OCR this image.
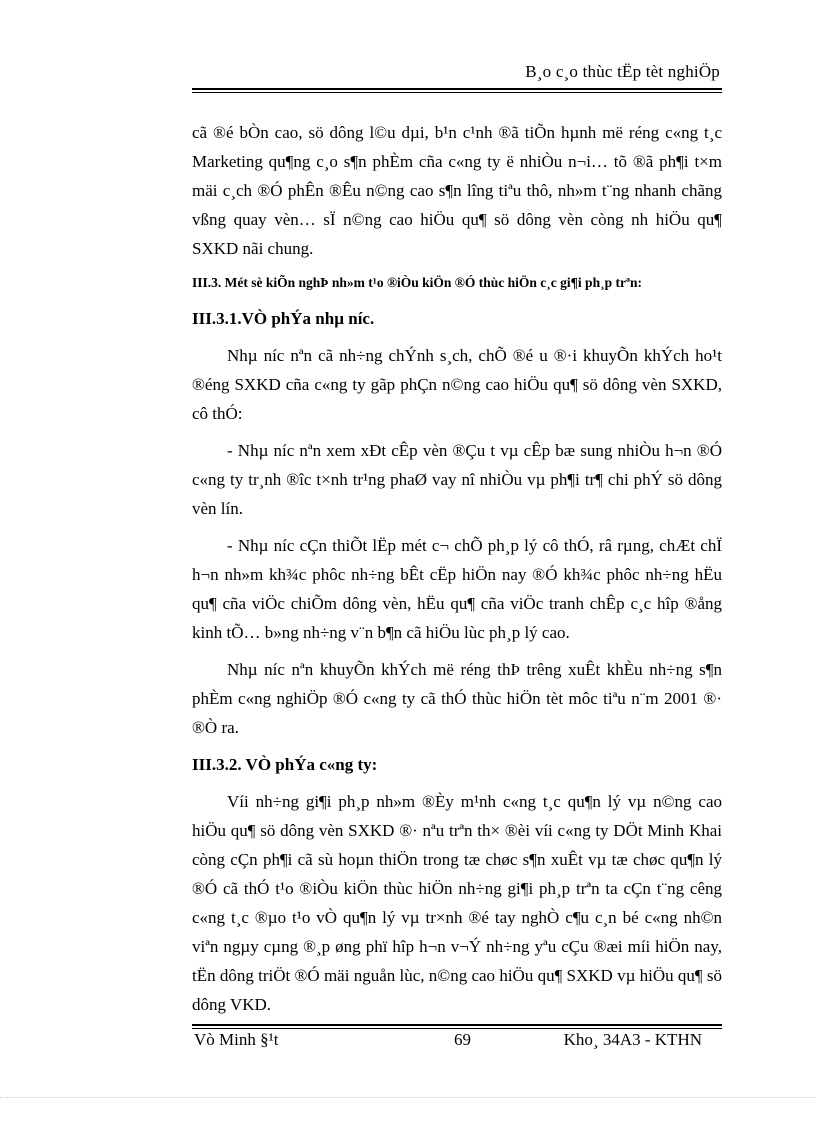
B¸o c¸o thùc tËp tèt nghiÖp

cã ®é bÒn cao, sö dông l©u dµi, b¹n c¹nh ®ã tiÕn hµnh më réng c«ng t¸c Marketing qu¶ng c¸o s¶n phÈm cña c«ng ty ë nhiÒu n¬i… tõ ®ã ph¶i t×m mäi c¸ch ®Ó phÊn ®Êu n©ng cao s¶n lîng tiªu thô, nh»m t¨ng nhanh chãng vßng quay vèn… sÏ n©ng cao hiÖu qu¶ sö dông vèn còng nh hiÖu qu¶ SXKD nãi chung.

III.3. Mét sè kiÕn nghÞ nh»m t¹o ®iÒu kiÖn ®Ó thùc hiÖn c¸c gi¶i ph¸p trªn:

III.3.1.VÒ phÝa nhµ níc.

Nhµ níc nªn cã nh÷ng chÝnh s¸ch, chÕ ®é u ®·i khuyÕn khÝch ho¹t ®éng SXKD cña c«ng ty gãp phÇn n©ng cao hiÖu qu¶ sö dông vèn SXKD, cô thÓ:

- Nhµ níc nªn xem xÐt cÊp vèn ®Çu t vµ cÊp bæ sung nhiÒu h¬n ®Ó c«ng ty tr¸nh ®îc t×nh tr¹ng phaØ vay nî nhiÒu vµ ph¶i tr¶ chi phÝ sö dông vèn lín.

- Nhµ níc cÇn thiÕt lËp mét c¬ chÕ ph¸p lý cô thÓ, râ rµng, chÆt chÏ h¬n nh»m kh¾c phôc nh÷ng bÊt cËp hiÖn nay ®Ó kh¾c phôc nh÷ng hËu qu¶ cña viÖc chiÕm dông vèn, hËu qu¶ cña viÖc tranh chÊp c¸c hîp ®ång kinh tÕ… b»ng nh÷ng v¨n b¶n cã hiÖu lùc ph¸p lý cao.

Nhµ níc nªn khuyÕn khÝch më réng thÞ trêng xuÊt khÈu nh÷ng s¶n phÈm c«ng nghiÖp ®Ó c«ng ty cã thÓ thùc hiÖn tèt môc tiªu n¨m 2001 ®· ®Ò ra.

III.3.2. VÒ phÝa c«ng ty:

Víi nh÷ng gi¶i ph¸p nh»m ®Èy m¹nh c«ng t¸c qu¶n lý vµ n©ng cao hiÖu qu¶ sö dông vèn SXKD ®· nªu trªn th× ®èi víi c«ng ty DÖt Minh Khai còng cÇn ph¶i cã sù hoµn thiÖn trong tæ chøc s¶n xuÊt vµ tæ chøc qu¶n lý ®Ó cã thÓ t¹o ®iÒu kiÖn thùc hiÖn nh÷ng gi¶i ph¸p trªn ta cÇn t¨ng cêng c«ng t¸c ®µo t¹o vÒ qu¶n lý vµ tr×nh ®é tay nghÒ c¶u c¸n bé c«ng nh©n viªn ngµy cµng ®¸p øng phï hîp h¬n v¬Ý nh÷ng yªu cÇu ®æi míi hiÖn nay, tËn dông triÖt ®Ó mäi nguån lùc, n©ng cao hiÖu qu¶ SXKD vµ hiÖu qu¶ sö dông VKD.

Vò Minh §¹t	69	Kho¸ 34A3 - KTHN
